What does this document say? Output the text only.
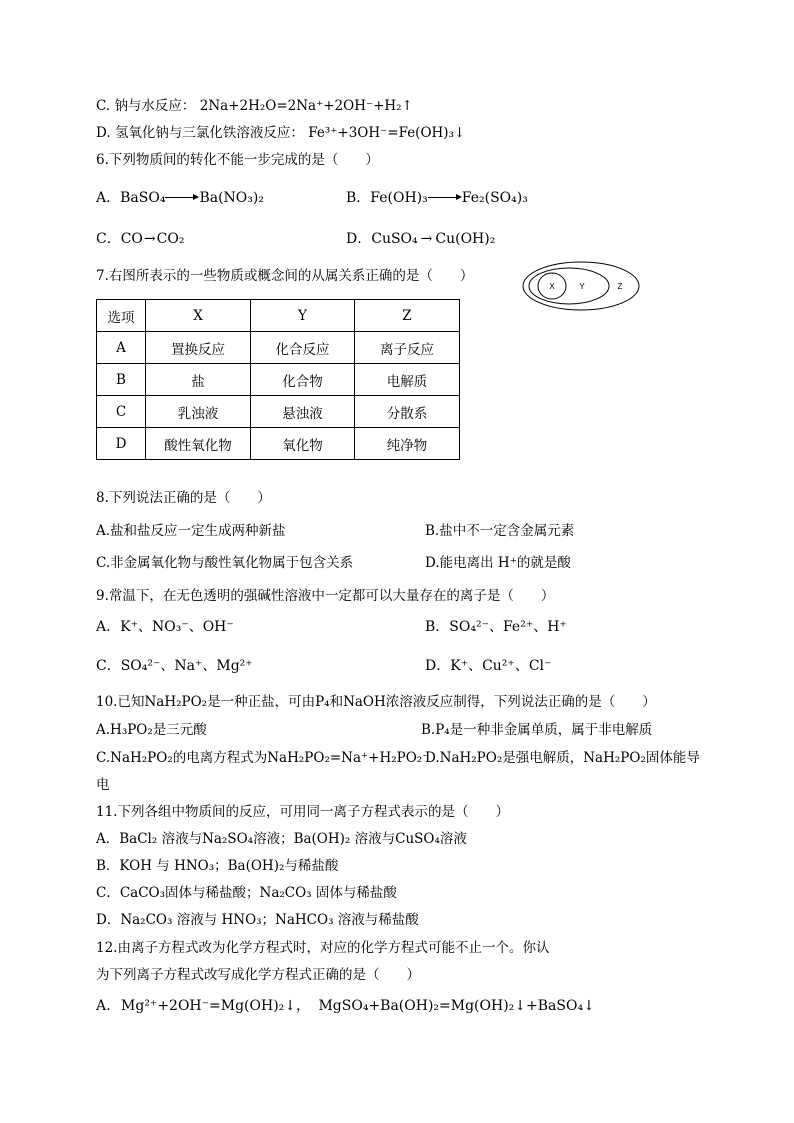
C. 钠与水反应： 2Na+2H₂O=2Na⁺+2OH⁻+H₂↑
D. 氢氧化钠与三氯化铁溶液反应： Fe³⁺+3OH⁻=Fe(OH)₃↓
6.下列物质间的转化不能一步完成的是（　　）
A．BaSO₄ Ba(NO₃)₂	B．Fe(OH)₃ Fe₂(SO₄)₃
C．CO→CO₂	D．CuSO₄ → Cu(OH)₂
7.右图所表示的一些物质或概念间的从属关系正确的是（　　）
X	Y	Z
选项	X	Y	Z
A	置换反应	化合反应	离子反应
B	盐	化合物	电解质
C	乳浊液	悬浊液	分散系
D	酸性氧化物	氧化物	纯净物
8.下列说法正确的是（　　）
A.盐和盐反应一定生成两种新盐	B.盐中不一定含金属元素
C.非金属氧化物与酸性氧化物属于包含关系	D.能电离出 H⁺的就是酸
9.常温下，在无色透明的强碱性溶液中一定都可以大量存在的离子是（　　）
A．K⁺、NO₃⁻、OH⁻	B．SO₄²⁻、Fe²⁺、H⁺
C．SO₄²⁻、Na⁺、Mg²⁺	D．K⁺、Cu²⁺、Cl⁻
10.已知NaH₂PO₂是一种正盐，可由P₄和NaOH浓溶液反应制得，下列说法正确的是（　　）
A.H₃PO₂是三元酸	B.P₄是一种非金属单质，属于非电解质
C.NaH₂PO₂的电离方程式为NaH₂PO₂=Na⁺+H₂PO₂⁻
D.NaH₂PO₂是强电解质，NaH₂PO₂固体能导
电
11.下列各组中物质间的反应，可用同一离子方程式表示的是（　　）
A．BaCl₂ 溶液与Na₂SO₄溶液；Ba(OH)₂ 溶液与CuSO₄溶液
B．KOH 与 HNO₃；Ba(OH)₂与稀盐酸
C．CaCO₃固体与稀盐酸；Na₂CO₃ 固体与稀盐酸
D．Na₂CO₃ 溶液与 HNO₃；NaHCO₃ 溶液与稀盐酸
12.由离子方程式改为化学方程式时，对应的化学方程式可能不止一个。你认
为下列离子方程式改写成化学方程式正确的是（　　）
A. Mg²⁺+2OH⁻=Mg(OH)₂↓， MgSO₄+Ba(OH)₂=Mg(OH)₂↓+BaSO₄↓
